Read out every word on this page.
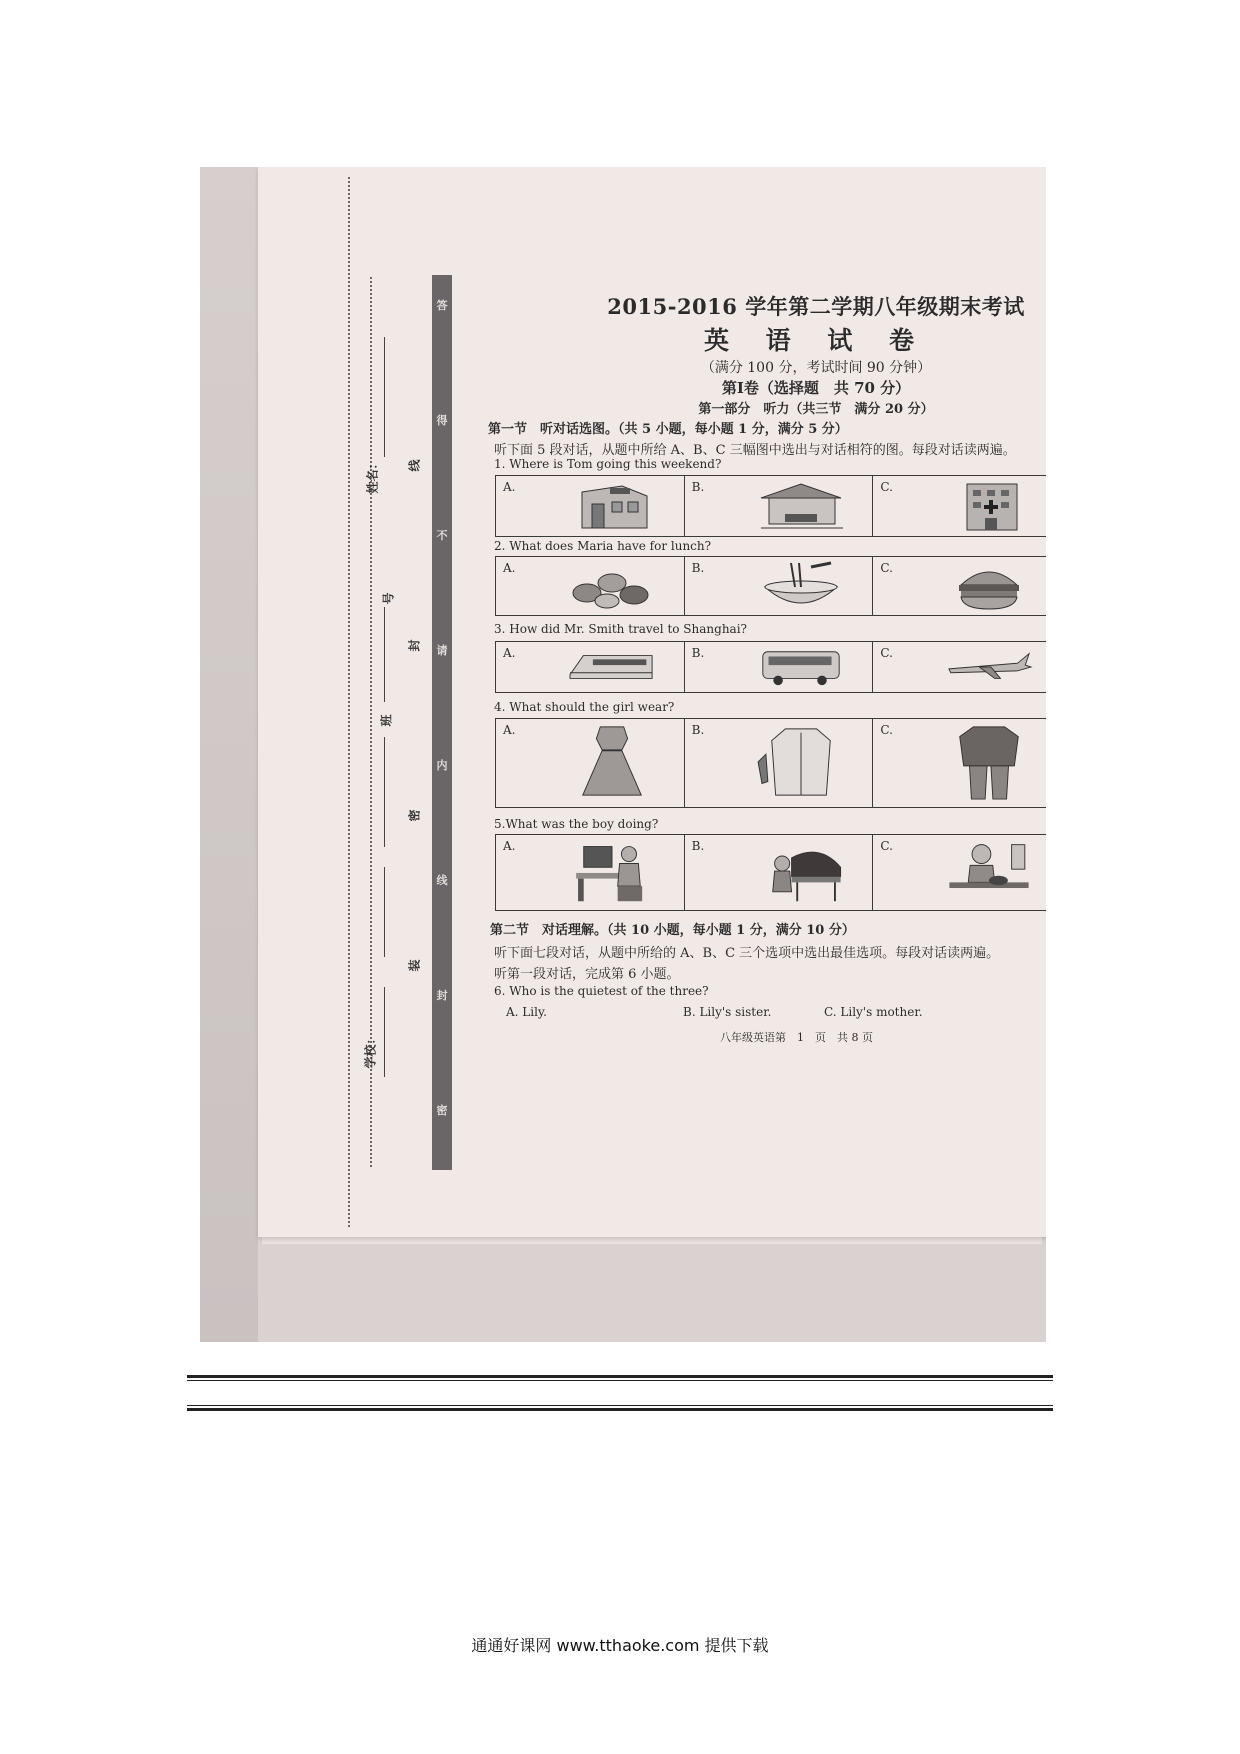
答
得
不
请
内
线
封
密
姓名： 线
号
封
班
密
装
学校：
2015-2016 学年第二学期八年级期末考试
英 语 试 卷
（满分 100 分，考试时间 90 分钟）
第Ⅰ卷（选择题　共 70 分）
第一部分　听力（共三节　满分 20 分）
第一节　听对话选图。（共 5 小题，每小题 1 分，满分 5 分）
听下面 5 段对话，从题中所给 A、B、C 三幅图中选出与对话相符的图。每段对话读两遍。
1. Where is Tom going this weekend?
A.	B.	C.
2. What does Maria have for lunch?
A.	B.	C.
3. How did Mr. Smith travel to Shanghai?
A.	B.	C.
4. What should the girl wear?
A.	B.	C.
5.What was the boy doing?
A.	B.	C.
第二节　对话理解。（共 10 小题，每小题 1 分，满分 10 分）
听下面七段对话，从题中所给的 A、B、C 三个选项中选出最佳选项。每段对话读两遍。
听第一段对话，完成第 6 小题。
6. Who is the quietest of the three?
A. Lily.	B. Lily's sister.	C. Lily's mother.
八年级英语第　1　页　共 8 页
通通好课网 www.tthaoke.com 提供下载
